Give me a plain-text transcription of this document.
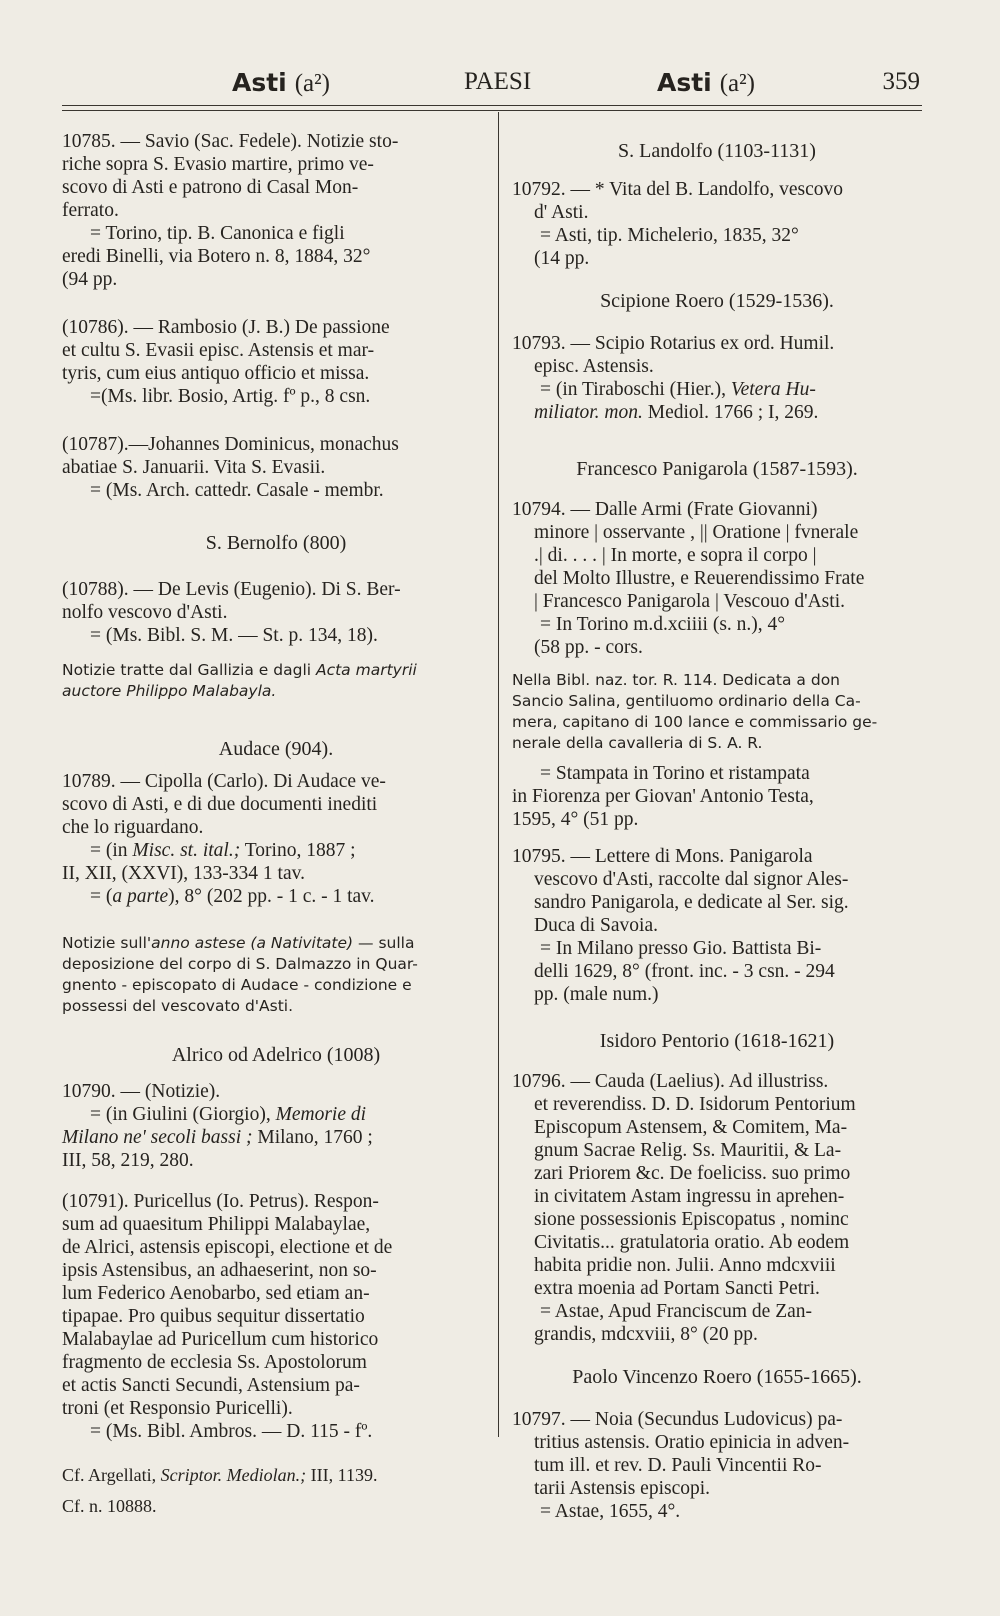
Asti (a²)	PAESI	Asti (a²)	359

10785. — Savio (Sac. Fedele). Notizie sto-

riche sopra S. Evasio martire, primo ve-

scovo di Asti e patrono di Casal Mon-

ferrato.

= Torino, tip. B. Canonica e figli

eredi Binelli, via Botero n. 8, 1884, 32°

(94 pp.

(10786). — Rambosio (J. B.) De passione

et cultu S. Evasii episc. Astensis et mar-

tyris, cum eius antiquo officio et missa.

=(Ms. libr. Bosio, Artig. fº p., 8 csn.

(10787).—Johannes Dominicus, monachus

abatiae S. Januarii. Vita S. Evasii.

= (Ms. Arch. cattedr. Casale - membr.

S. Bernolfo (800)

(10788). — De Levis (Eugenio). Di S. Ber-

nolfo vescovo d'Asti.

= (Ms. Bibl. S. M. — St. p. 134, 18).

Notizie tratte dal Gallizia e dagli Acta martyrii
auctore Philippo Malabayla.
Audace (904).

10789. — Cipolla (Carlo). Di Audace ve-

scovo di Asti, e di due documenti inediti

che lo riguardano.

= (in Misc. st. ital.; Torino, 1887 ;

II, XII, (XXVI), 133-334 1 tav.

= (a parte), 8° (202 pp. - 1 c. - 1 tav.

Notizie sull'anno astese (a Nativitate) — sulla
deposizione del corpo di S. Dalmazzo in Quar-
gnento - episcopato di Audace - condizione e
possessi del vescovato d'Asti.
Alrico od Adelrico (1008)

10790. — (Notizie).

= (in Giulini (Giorgio), Memorie di

Milano ne' secoli bassi ; Milano, 1760 ;

III, 58, 219, 280.

(10791). Puricellus (Io. Petrus). Respon-

sum ad quaesitum Philippi Malabaylae,

de Alrici, astensis episcopi, electione et de

ipsis Astensibus, an adhaeserint, non so-

lum Federico Aenobarbo, sed etiam an-

tipapae. Pro quibus sequitur dissertatio

Malabaylae ad Puricellum cum historico

fragmento de ecclesia Ss. Apostolorum

et actis Sancti Secundi, Astensium pa-

troni (et Responsio Puricelli).

= (Ms. Bibl. Ambros. — D. 115 - fº.

Cf. Argellati, Scriptor. Mediolan.; III, 1139.
Cf. n. 10888.
S. Landolfo (1103-1131)

10792. — * Vita del B. Landolfo, vescovo

d' Asti.

= Asti, tip. Michelerio, 1835, 32°

(14 pp.

Scipione Roero (1529-1536).

10793. — Scipio Rotarius ex ord. Humil.

episc. Astensis.

= (in Tiraboschi (Hier.), Vetera Hu-

miliator. mon. Mediol. 1766 ; I, 269.

Francesco Panigarola (1587-1593).

10794. — Dalle Armi (Frate Giovanni)

minore | osservante , || Oratione | fvnerale

.| di. . . . | In morte, e sopra il corpo |

del Molto Illustre, e Reuerendissimo Frate

| Francesco Panigarola | Vescouo d'Asti.

= In Torino m.d.xciiii (s. n.), 4°

(58 pp. - cors.

Nella Bibl. naz. tor. R. 114. Dedicata a don
Sancio Salina, gentiluomo ordinario della Ca-
mera, capitano di 100 lance e commissario ge-
nerale della cavalleria di S. A. R.

= Stampata in Torino et ristampata

in Fiorenza per Giovan' Antonio Testa,

1595, 4° (51 pp.

10795. — Lettere di Mons. Panigarola

vescovo d'Asti, raccolte dal signor Ales-

sandro Panigarola, e dedicate al Ser. sig.

Duca di Savoia.

= In Milano presso Gio. Battista Bi-

delli 1629, 8° (front. inc. - 3 csn. - 294

pp. (male num.)

Isidoro Pentorio (1618-1621)

10796. — Cauda (Laelius). Ad illustriss.

et reverendiss. D. D. Isidorum Pentorium

Episcopum Astensem, & Comitem, Ma-

gnum Sacrae Relig. Ss. Mauritii, & La-

zari Priorem &c. De foeliciss. suo primo

in civitatem Astam ingressu in aprehen-

sione possessionis Episcopatus , nominc

Civitatis... gratulatoria oratio. Ab eodem

habita pridie non. Julii. Anno mdcxviii

extra moenia ad Portam Sancti Petri.

= Astae, Apud Franciscum de Zan-

grandis, mdcxviii, 8° (20 pp.

Paolo Vincenzo Roero (1655-1665).

10797. — Noia (Secundus Ludovicus) pa-

tritius astensis. Oratio epinicia in adven-

tum ill. et rev. D. Pauli Vincentii Ro-

tarii Astensis episcopi.

= Astae, 1655, 4°.
